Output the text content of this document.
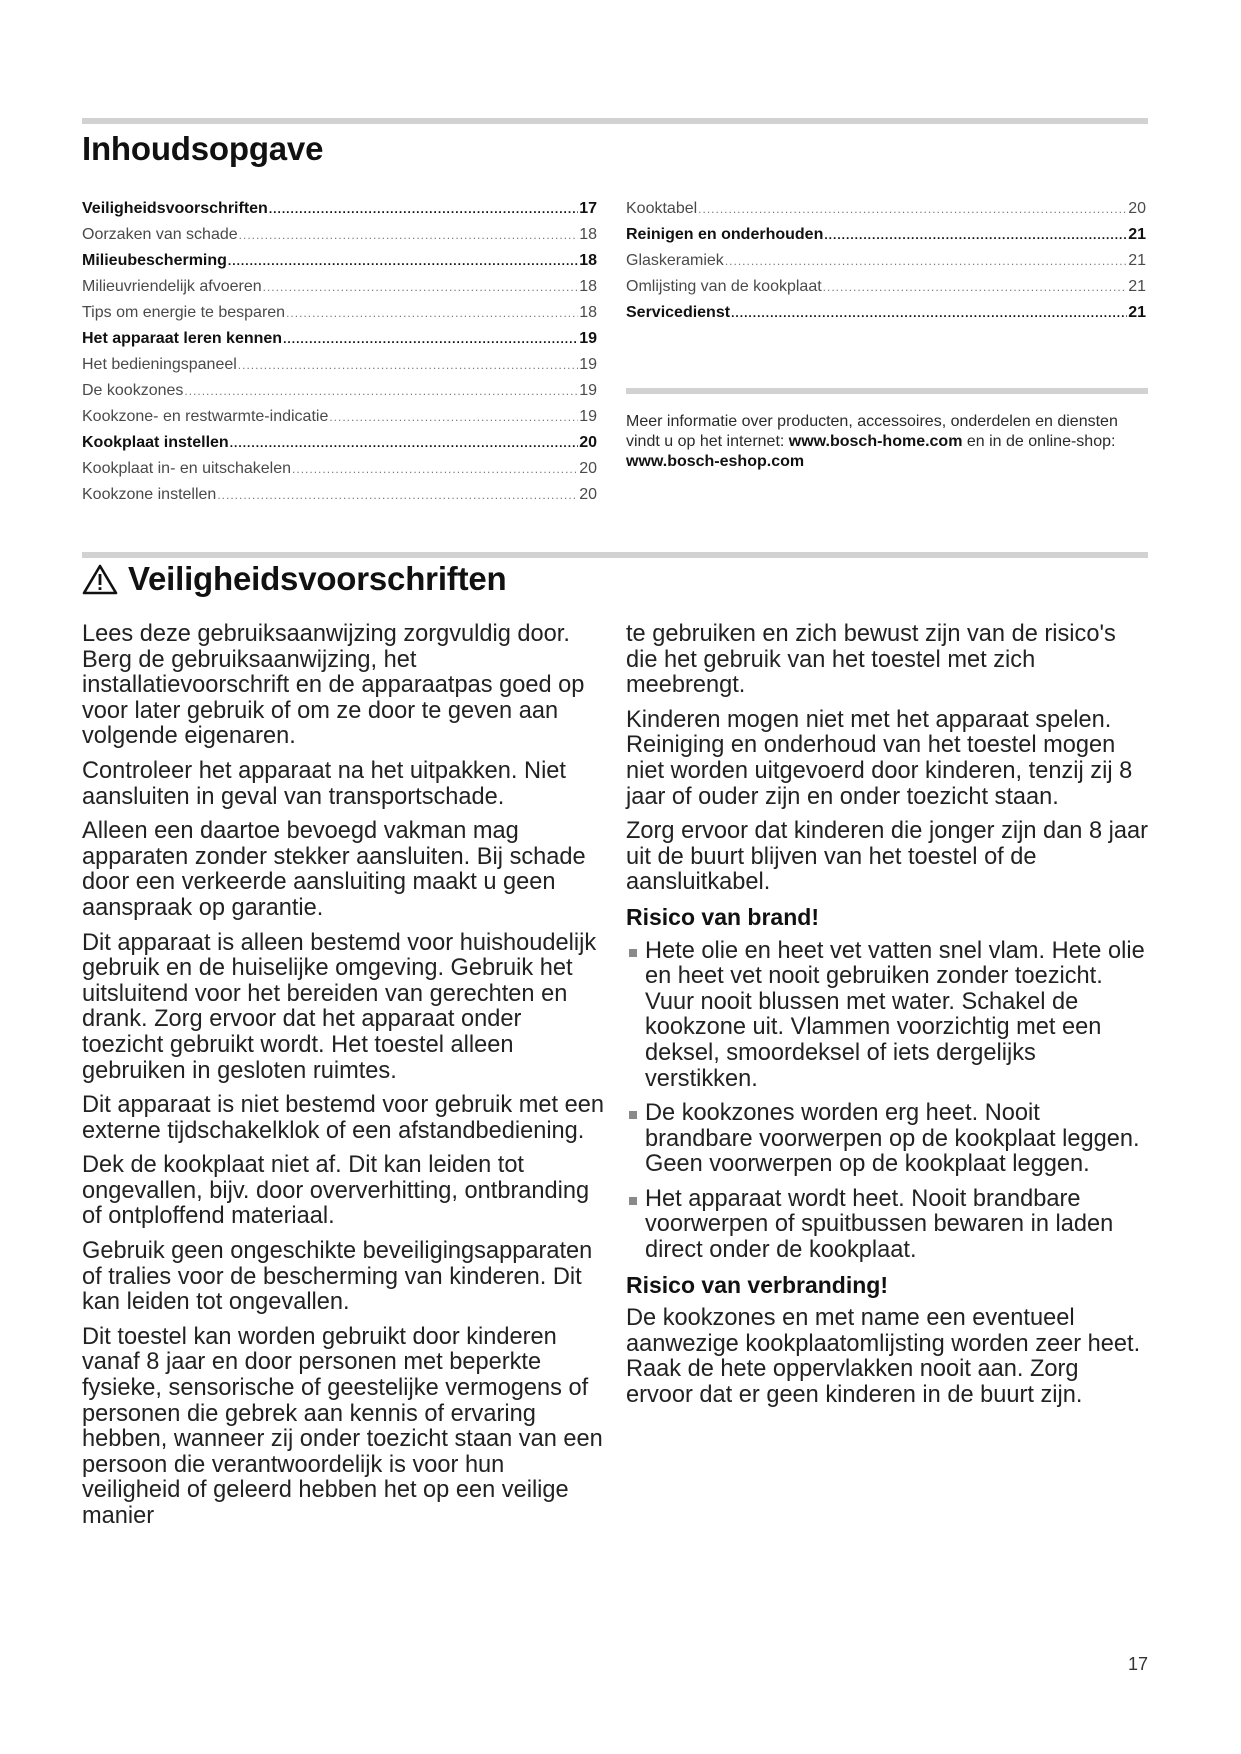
Inhoudsopgave
Veiligheidsvoorschriften .....	17
Oorzaken van schade .....	18
Milieubescherming .....	18
Milieuvriendelijk afvoeren .....	18
Tips om energie te besparen .....	18
Het apparaat leren kennen .....	19
Het bedieningspaneel .....	19
De kookzones .....	19
Kookzone- en restwarmte-indicatie .....	19
Kookplaat instellen .....	20
Kookplaat in- en uitschakelen .....	20
Kookzone instellen .....	20
Kooktabel .....	20
Reinigen en onderhouden .....	21
Glaskeramiek .....	21
Omlijsting van de kookplaat .....	21
Servicedienst .....	21
Meer informatie over producten, accessoires, onderdelen en diensten vindt u op het internet: www.bosch-home.com en in de online-shop: www.bosch-eshop.com
Veiligheidsvoorschriften

Lees deze gebruiksaanwijzing zorgvuldig door. Berg de gebruiksaanwijzing, het installatievoorschrift en de apparaatpas goed op voor later gebruik of om ze door te geven aan volgende eigenaren.

Controleer het apparaat na het uitpakken. Niet aansluiten in geval van transportschade.

Alleen een daartoe bevoegd vakman mag apparaten zonder stekker aansluiten. Bij schade door een verkeerde aansluiting maakt u geen aanspraak op garantie.

Dit apparaat is alleen bestemd voor huishoudelijk gebruik en de huiselijke omgeving. Gebruik het uitsluitend voor het bereiden van gerechten en drank. Zorg ervoor dat het apparaat onder toezicht gebruikt wordt. Het toestel alleen gebruiken in gesloten ruimtes.

Dit apparaat is niet bestemd voor gebruik met een externe tijdschakelklok of een afstandbediening.

Dek de kookplaat niet af. Dit kan leiden tot ongevallen, bijv. door oververhitting, ontbranding of ontploffend materiaal.

Gebruik geen ongeschikte beveiligingsapparaten of tralies voor de bescherming van kinderen. Dit kan leiden tot ongevallen.

Dit toestel kan worden gebruikt door kinderen vanaf 8 jaar en door personen met beperkte fysieke, sensorische of geestelijke vermogens of personen die gebrek aan kennis of ervaring hebben, wanneer zij onder toezicht staan van een persoon die verantwoordelijk is voor hun veiligheid of geleerd hebben het op een veilige manier

te gebruiken en zich bewust zijn van de risico's die het gebruik van het toestel met zich meebrengt.

Kinderen mogen niet met het apparaat spelen. Reiniging en onderhoud van het toestel mogen niet worden uitgevoerd door kinderen, tenzij zij 8 jaar of ouder zijn en onder toezicht staan.

Zorg ervoor dat kinderen die jonger zijn dan 8 jaar uit de buurt blijven van het toestel of de aansluitkabel.

Risico van brand!
Hete olie en heet vet vatten snel vlam. Hete olie en heet vet nooit gebruiken zonder toezicht. Vuur nooit blussen met water. Schakel de kookzone uit. Vlammen voorzichtig met een deksel, smoordeksel of iets dergelijks verstikken.
De kookzones worden erg heet. Nooit brandbare voorwerpen op de kookplaat leggen. Geen voorwerpen op de kookplaat leggen.
Het apparaat wordt heet. Nooit brandbare voorwerpen of spuitbussen bewaren in laden direct onder de kookplaat.
Risico van verbranding!

De kookzones en met name een eventueel aanwezige kookplaatomlijsting worden zeer heet. Raak de hete oppervlakken nooit aan. Zorg ervoor dat er geen kinderen in de buurt zijn.

17
